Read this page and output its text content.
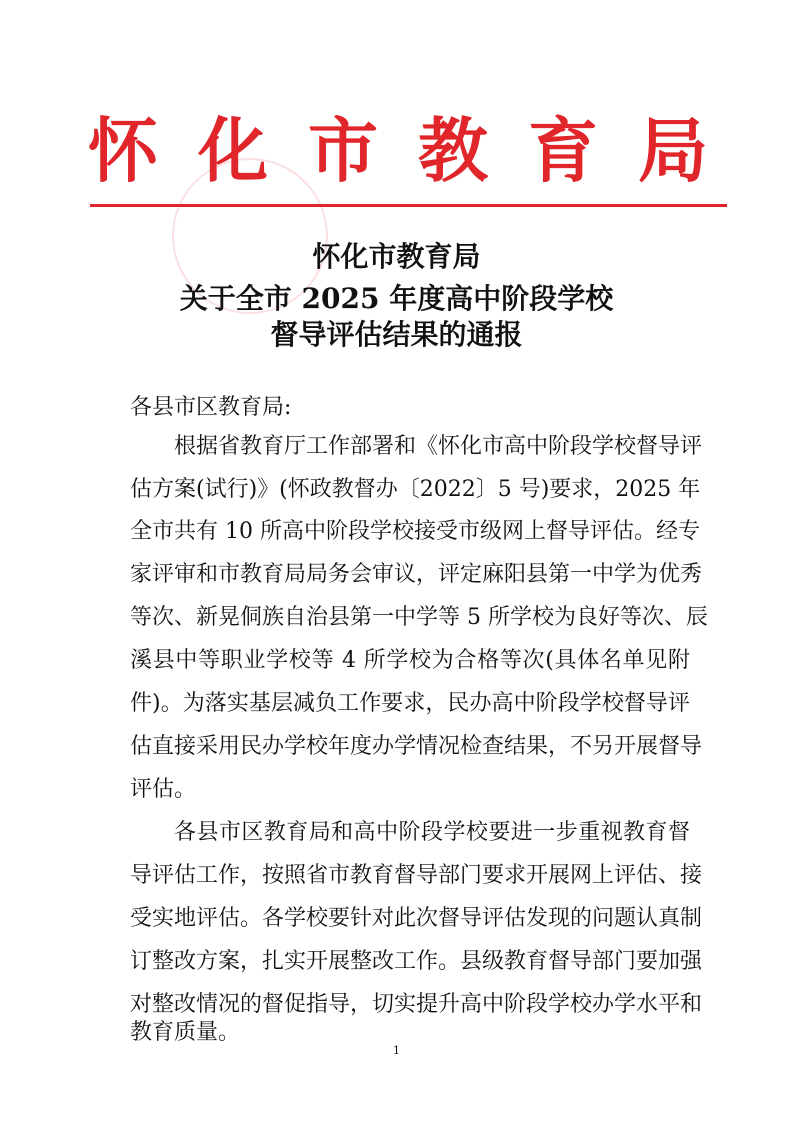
怀 化 市 教 育 局
怀化市教育局
关于全市 2025 年度高中阶段学校
督导评估结果的通报
各县市区教育局:
根据省教育厅工作部署和《怀化市高中阶段学校督导评
估方案(试行)》(怀政教督办〔2022〕5 号)要求，2025 年
全市共有 10 所高中阶段学校接受市级网上督导评估。经专
家评审和市教育局局务会审议，评定麻阳县第一中学为优秀
等次、新晃侗族自治县第一中学等 5 所学校为良好等次、辰
溪县中等职业学校等 4 所学校为合格等次(具体名单见附
件)。为落实基层减负工作要求，民办高中阶段学校督导评
估直接采用民办学校年度办学情况检查结果，不另开展督导
评估。
各县市区教育局和高中阶段学校要进一步重视教育督
导评估工作，按照省市教育督导部门要求开展网上评估、接
受实地评估。各学校要针对此次督导评估发现的问题认真制
订整改方案，扎实开展整改工作。县级教育督导部门要加强
对整改情况的督促指导，切实提升高中阶段学校办学水平和
教育质量。
1
